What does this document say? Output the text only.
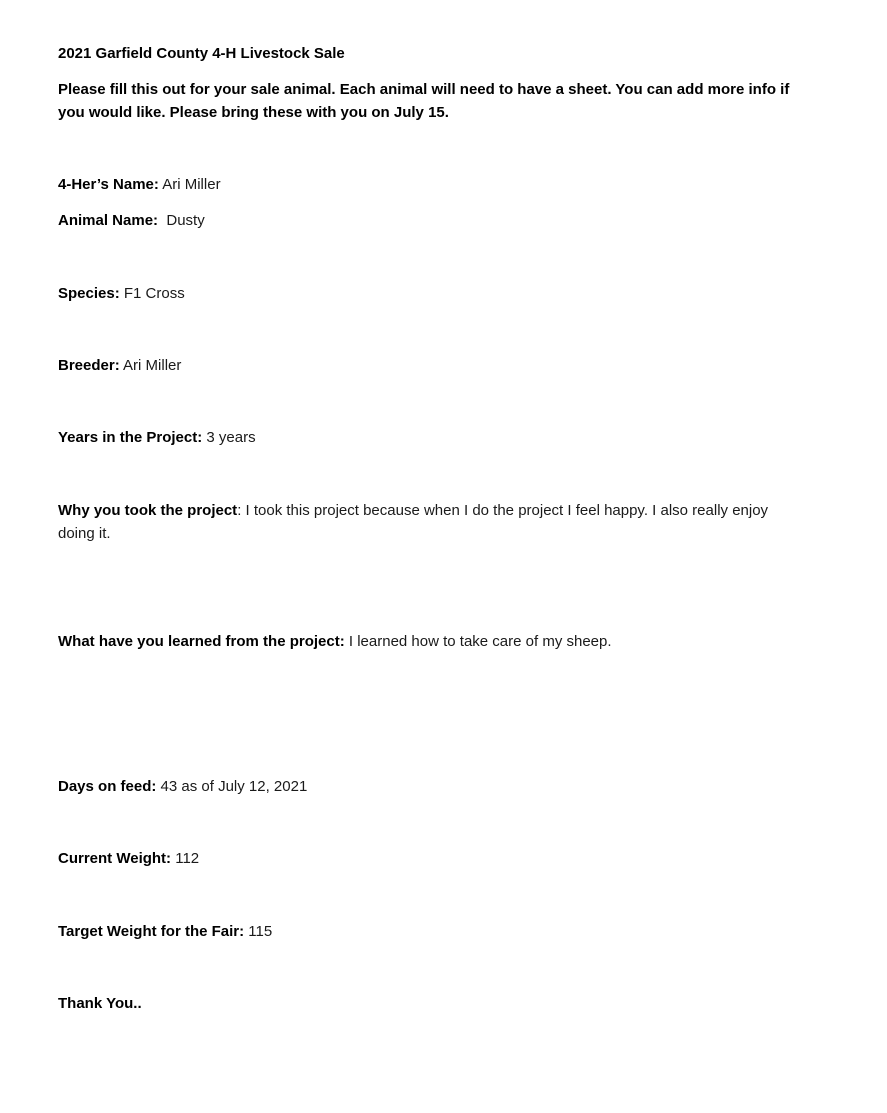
2021 Garfield County 4-H Livestock Sale
Please fill this out for your sale animal. Each animal will need to have a sheet. You can add more info if you would like. Please bring these with you on July 15.
4-Her’s Name: Ari Miller
Animal Name:  Dusty
Species: F1 Cross
Breeder: Ari Miller
Years in the Project: 3 years
Why you took the project: I took this project because when I do the project I feel happy. I also really enjoy doing it.
What have you learned from the project: I learned how to take care of my sheep.
Days on feed: 43 as of July 12, 2021
Current Weight: 112
Target Weight for the Fair: 115
Thank You..
